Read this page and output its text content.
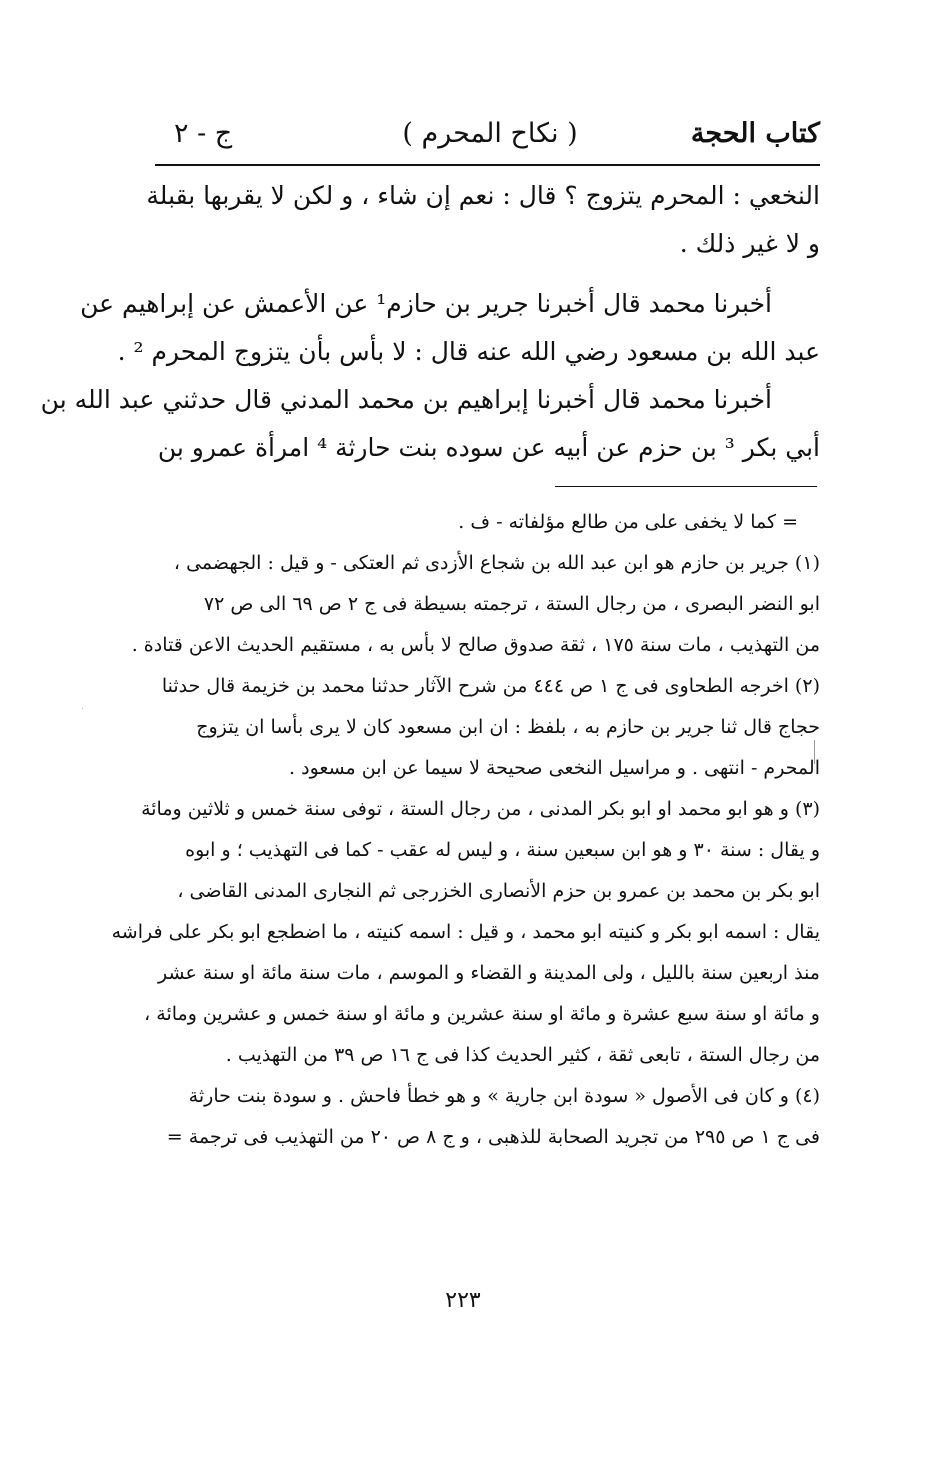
كتاب الحجة
( نكاح المحرم )
ج - ٢
النخعي : المحرم يتزوج ؟ قال : نعم إن شاء ، و لكن لا يقربها بقبلة
و لا غير ذلك .
أخبرنا محمد قال أخبرنا جرير بن حازم¹ عن الأعمش عن إبراهيم عن
عبد الله بن مسعود رضي الله عنه قال : لا بأس بأن يتزوج المحرم ² .
أخبرنا محمد قال أخبرنا إبراهيم بن محمد المدني قال حدثني عبد الله بن
أبي بكر ³ بن حزم عن أبيه عن سوده بنت حارثة ⁴ امرأة عمرو بن
= كما لا يخفى على من طالع مؤلفاته - ف .
(١) جرير بن حازم هو ابن عبد الله بن شجاع الأزدى ثم العتكى - و قيل : الجهضمى ،
ابو النضر البصرى ، من رجال الستة ، ترجمته بسيطة فى ج ٢ ص ٦٩ الى ص ٧٢
من التهذيب ، مات سنة ١٧٥ ، ثقة صدوق صالح لا بأس به ، مستقيم الحديث الاعن قتادة .
(٢) اخرجه الطحاوى فى ج ١ ص ٤٤٤ من شرح الآثار حدثنا محمد بن خزيمة قال حدثنا
حجاج قال ثنا جرير بن حازم به ، بلفظ : ان ابن مسعود كان لا يرى بأسا ان يتزوج
المحرم - انتهى . و مراسيل النخعى صحيحة لا سيما عن ابن مسعود .
(٣) و هو ابو محمد او ابو بكر المدنى ، من رجال الستة ، توفى سنة خمس و ثلاثين ومائة
و يقال : سنة ٣٠ و هو ابن سبعين سنة ، و ليس له عقب - كما فى التهذيب ؛ و ابوه
ابو بكر بن محمد بن عمرو بن حزم الأنصارى الخزرجى ثم النجارى المدنى القاضى ،
يقال : اسمه ابو بكر و كنيته ابو محمد ، و قيل : اسمه كنيته ، ما اضطجع ابو بكر على فراشه
منذ اربعين سنة بالليل ، ولى المدينة و القضاء و الموسم ، مات سنة مائة او سنة عشر
و مائة او سنة سبع عشرة و مائة او سنة عشرين و مائة او سنة خمس و عشرين ومائة ،
من رجال الستة ، تابعى ثقة ، كثير الحديث كذا فى ج ١٦ ص ٣٩ من التهذيب .
(٤) و كان فى الأصول « سودة ابن جارية » و هو خطأ فاحش . و سودة بنت حارثة
فى ج ١ ص ٢٩٥ من تجريد الصحابة للذهبى ، و ج ٨ ص ٢٠ من التهذيب فى ترجمة =
٢٢٣
